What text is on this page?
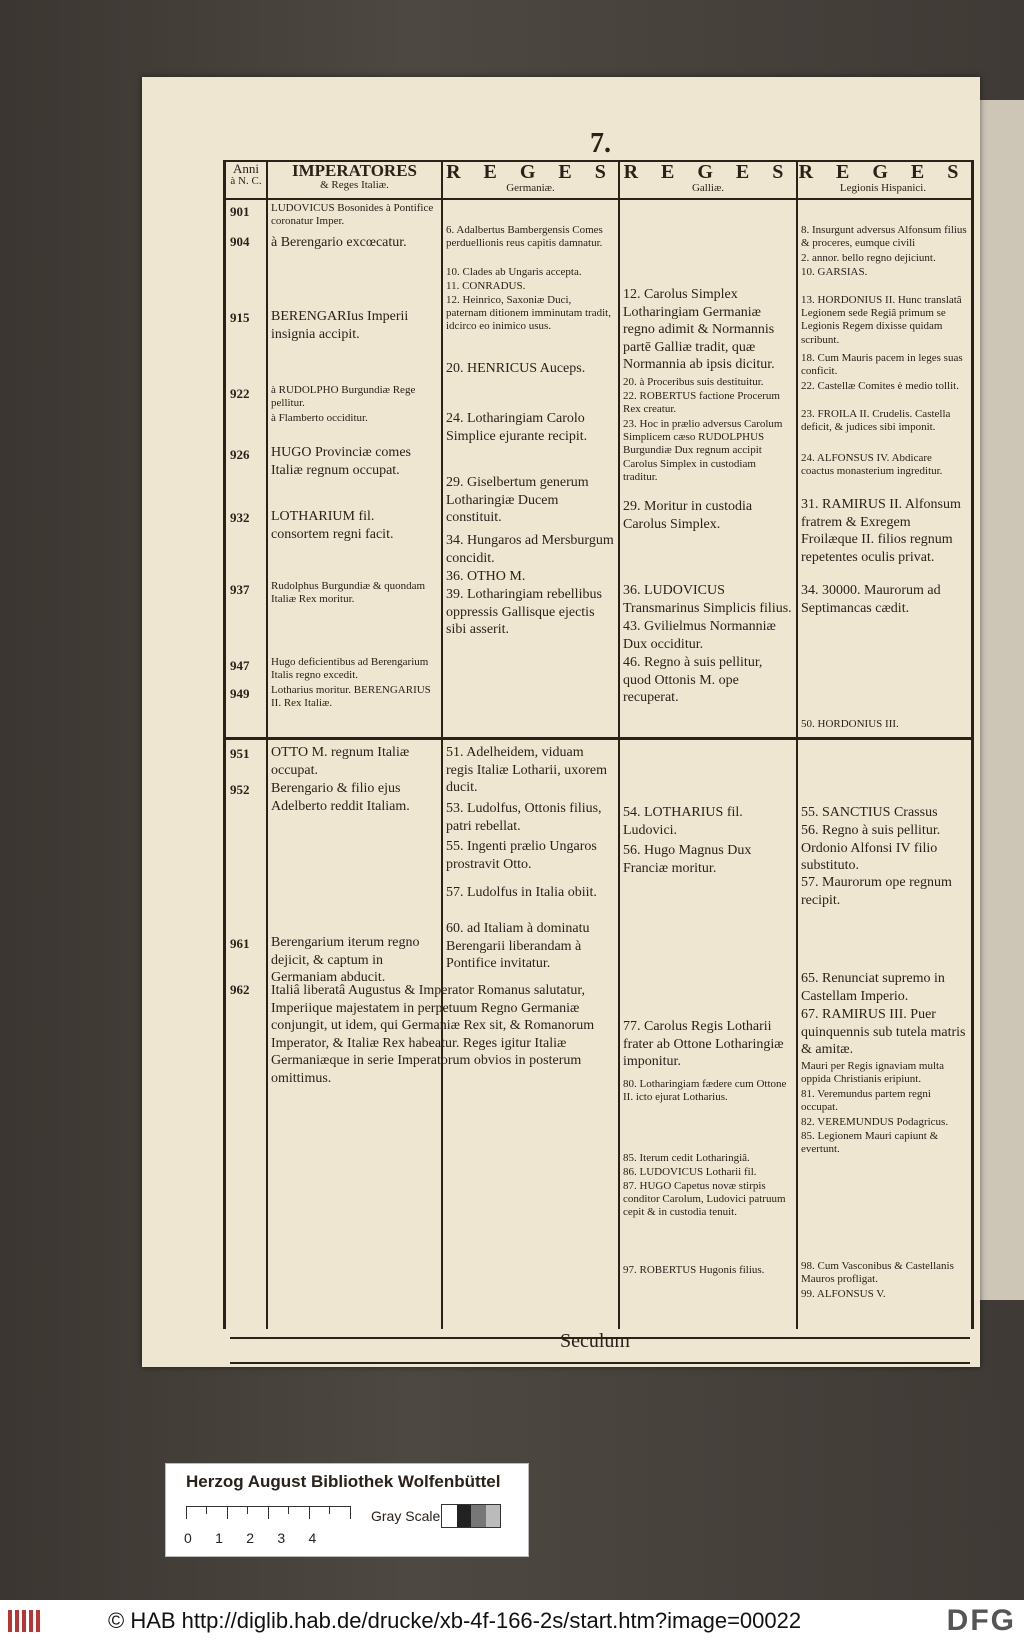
7.
Anni
à N. C.
IMPERATORES
& Reges Italiæ.
R E G E S
Germaniæ.
R E G E S
Galliæ.
R E G E S
Legionis Hispanici.
901
904
915
922
926
932
937
947
949
951
952
961
962
LUDOVICUS Bosonides à Pontifice coronatur Imper.
à Berengario excœcatur.
BERENGARIus Imperii insignia accipit.
à RUDOLPHO Burgundiæ Rege pellitur.
à Flamberto occiditur.
HUGO Provinciæ comes Italiæ regnum occupat.
LOTHARIUM fil. consortem regni facit.
Rudolphus Burgundiæ & quondam Italiæ Rex moritur.
Hugo deficientibus ad Berengarium Italis regno excedit.
Lotharius moritur. BERENGARIUS II. Rex Italiæ.
OTTO M. regnum Italiæ occupat.
Berengario & filio ejus Adelberto reddit Italiam.
Berengarium iterum regno dejicit, & captum in Germaniam abducit.
Italiâ liberatâ Augustus & Imperator Romanus salutatur, Imperiique majestatem in perpetuum Regno Germaniæ conjungit, ut idem, qui Germaniæ Rex sit, & Romanorum Imperator, & Italiæ Rex habeatur. Reges igitur Italiæ Germaniæque in serie Imperatorum obvios in posterum omittimus.
6. Adalbertus Bambergensis Comes perduellionis reus capitis damnatur.
10. Clades ab Ungaris accepta.
11. CONRADUS.
12. Heinrico, Saxoniæ Duci, paternam ditionem imminutam tradit, idcirco eo inimico usus.
20. HENRICUS Auceps.
24. Lotharingiam Carolo Simplice ejurante recipit.
29. Giselbertum generum Lotharingiæ Ducem constituit.
34. Hungaros ad Mersburgum concidit.
36. OTHO M.
39. Lotharingiam rebellibus oppressis Gallisque ejectis sibi asserit.
51. Adelheidem, viduam regis Italiæ Lotharii, uxorem ducit.
53. Ludolfus, Ottonis filius, patri rebellat.
55. Ingenti prælio Ungaros prostravit Otto.
57. Ludolfus in Italia obiit.
60. ad Italiam à dominatu Berengarii liberandam à Pontifice invitatur.
12. Carolus Simplex Lotharingiam Germaniæ regno adimit & Normannis partē Galliæ tradit, quæ Normannia ab ipsis dicitur.
20. à Proceribus suis destituitur.
22. ROBERTUS factione Procerum Rex creatur.
23. Hoc in prælio adversus Carolum Simplicem cæso RUDOLPHUS Burgundiæ Dux regnum accipit Carolus Simplex in custodiam traditur.
29. Moritur in custodia Carolus Simplex.
36. LUDOVICUS Transmarinus Simplicis filius.
43. Gvilielmus Normanniæ Dux occiditur.
46. Regno à suis pellitur, quod Ottonis M. ope recuperat.
54. LOTHARIUS fil. Ludovici.
56. Hugo Magnus Dux Franciæ moritur.
77. Carolus Regis Lotharii frater ab Ottone Lotharingiæ imponitur.
80. Lotharingiam fædere cum Ottone II. icto ejurat Lotharius.
85. Iterum cedit Lotharingiâ.
86. LUDOVICUS Lotharii fil.
87. HUGO Capetus novæ stirpis conditor Carolum, Ludovici patruum cepit & in custodia tenuit.
97. ROBERTUS Hugonis filius.
8. Insurgunt adversus Alfonsum filius & proceres, eumque civili
2. annor. bello regno dejiciunt.
10. GARSIAS.
13. HORDONIUS II. Hunc translatâ Legionem sede Regiâ primum se Legionis Regem dixisse quidam scribunt.
18. Cum Mauris pacem in leges suas conficit.
22. Castellæ Comites è medio tollit.
23. FROILA II. Crudelis. Castella deficit, & judices sibi imponit.
24. ALFONSUS IV. Abdicare coactus monasterium ingreditur.
31. RAMIRUS II. Alfonsum fratrem & Exregem Froilæque II. filios regnum repetentes oculis privat.
34. 30000. Maurorum ad Septimancas cædit.
50. HORDONIUS III.
55. SANCTIUS Crassus
56. Regno à suis pellitur. Ordonio Alfonsi IV filio substituto.
57. Maurorum ope regnum recipit.
65. Renunciat supremo in Castellam Imperio.
67. RAMIRUS III. Puer quinquennis sub tutela matris & amitæ.
Mauri per Regis ignaviam multa oppida Christianis eripiunt.
81. Veremundus partem regni occupat.
82. VEREMUNDUS Podagricus.
85. Legionem Mauri capiunt & evertunt.
98. Cum Vasconibus & Castellanis Mauros profligat.
99. ALFONSUS V.
Seculum
Herzog August Bibliothek Wolfenbüttel
0      1      2      3      4
Gray Scale
© HAB http://diglib.hab.de/drucke/xb-4f-166-2s/start.htm?image=00022	DFG
